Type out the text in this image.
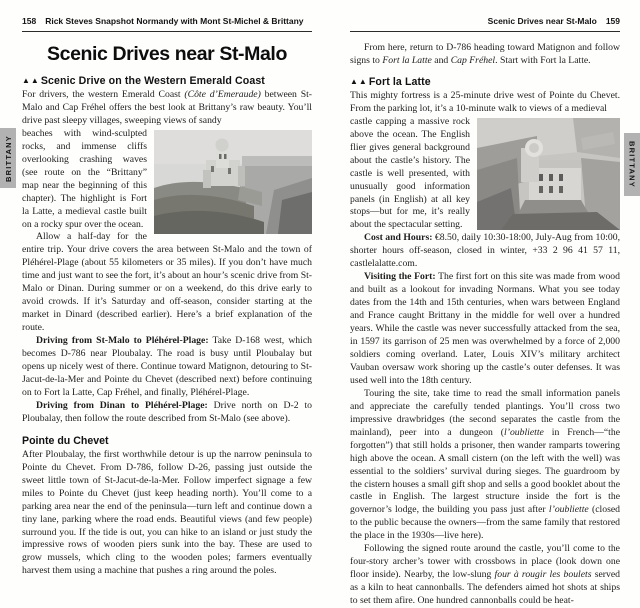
158 Rick Steves Snapshot Normandy with Mont St-Michel & Brittany
Scenic Drives near St-Malo
▲▲Scenic Drive on the Western Emerald Coast

For drivers, the western Emerald Coast (Côte d’Emeraude) between St-Malo and Cap Fréhel offers the best look at Brittany’s raw beauty. You’ll drive past sleepy villages, sweeping views of sandy

beaches with wind-sculpted rocks, and immense cliffs overlooking crashing waves (see route on the “Brittany” map near the beginning of this chapter). The highlight is Fort la Latte, a medieval castle built on a rocky spur over the ocean.

Allow a half-day for the entire trip. Your drive covers the area between St-Malo and the town of Pléhérel-Plage (about 55 kilometers or 35 miles). If you don’t have much time and just want to see the fort, it’s about an hour’s scenic drive from St-Malo or Dinan. During summer or on a weekend, do this drive early to avoid crowds. If it’s Saturday and off-season, consider starting at the market in Dinard (described earlier). Here’s a brief explanation of the route.

Driving from St-Malo to Pléhérel-Plage: Take D-168 west, which becomes D-786 near Ploubalay. The road is busy until Ploubalay but opens up nicely west of there. Continue toward Matignon, detouring to St-Jacut-de-la-Mer and Pointe du Chevet (described next) before continuing on to Fort la Latte, Cap Fréhel, and finally, Pléhérel-Plage.

Driving from Dinan to Pléhérel-Plage: Drive north on D-2 to Ploubalay, then follow the route described from St-Malo (see above).

Pointe du Chevet

After Ploubalay, the first worthwhile detour is up the narrow peninsula to Pointe du Chevet. From D-786, follow D-26, passing just outside the sweet little town of St-Jacut-de-la-Mer. Follow imperfect signage a few miles to Pointe du Chevet (just keep heading north). You’ll come to a parking area near the end of the peninsula—turn left and continue down a tiny lane, parking where the road ends. Beautiful views (and few people) surround you. If the tide is out, you can hike to an island or just study the impressive rows of wooden piers sunk into the bay. These are used to grow mussels, which cling to the wooden poles; farmers eventually harvest them using a machine that pushes a ring around the poles.

Scenic Drives near St-Malo 159

From here, return to D-786 heading toward Matignon and follow signs to Fort la Latte and Cap Fréhel. Start with Fort la Latte.

▲▲Fort la Latte

This mighty fortress is a 25-minute drive west of Pointe du Chevet. From the parking lot, it’s a 10-minute walk to views of a medieval

castle capping a massive rock above the ocean. The English flier gives general background about the castle’s history. The castle is well presented, with unusually good information panels (in English) at all key stops—but for me, it’s really about the spectacular setting.

Cost and Hours: €8.50, daily 10:30-18:00, July-Aug from 10:00, shorter hours off-season, closed in winter, +33 2 96 41 57 11, castlelalatte.com.

Visiting the Fort: The first fort on this site was made from wood and built as a lookout for invading Normans. What you see today dates from the 14th and 15th centuries, when wars between England and France caught Brittany in the middle for well over a hundred years. While the castle was never successfully attacked from the sea, in 1597 its garrison of 25 men was overwhelmed by a force of 2,000 soldiers coming overland. Later, Louis XIV’s military architect Vauban oversaw work shoring up the castle’s outer defenses. It was used well into the 18th century.

Touring the site, take time to read the small information panels and appreciate the carefully tended plantings. You’ll cross two impressive drawbridges (the second separates the castle from the mainland), peer into a dungeon (l’oubliette in French—“the forgotten”) that still holds a prisoner, then wander ramparts towering high above the ocean. A small cistern (on the left with the well) was essential to the soldiers’ survival during sieges. The guardroom by the cistern houses a small gift shop and sells a good booklet about the castle in English. The largest structure inside the fort is the governor’s lodge, the building you pass just after l’oubliette (closed to the public because the owners—from the same family that restored the place in the 1930s—live here).

Following the signed route around the castle, you’ll come to the four-story archer’s tower with crossbows in place (look down one floor inside). Nearby, the low-slung four à rougir les boulets served as a kiln to heat cannonballs. The defenders aimed hot shots at ships to set them afire. One hundred cannonballs could be heat-

BRITTANY	BRITTANY
